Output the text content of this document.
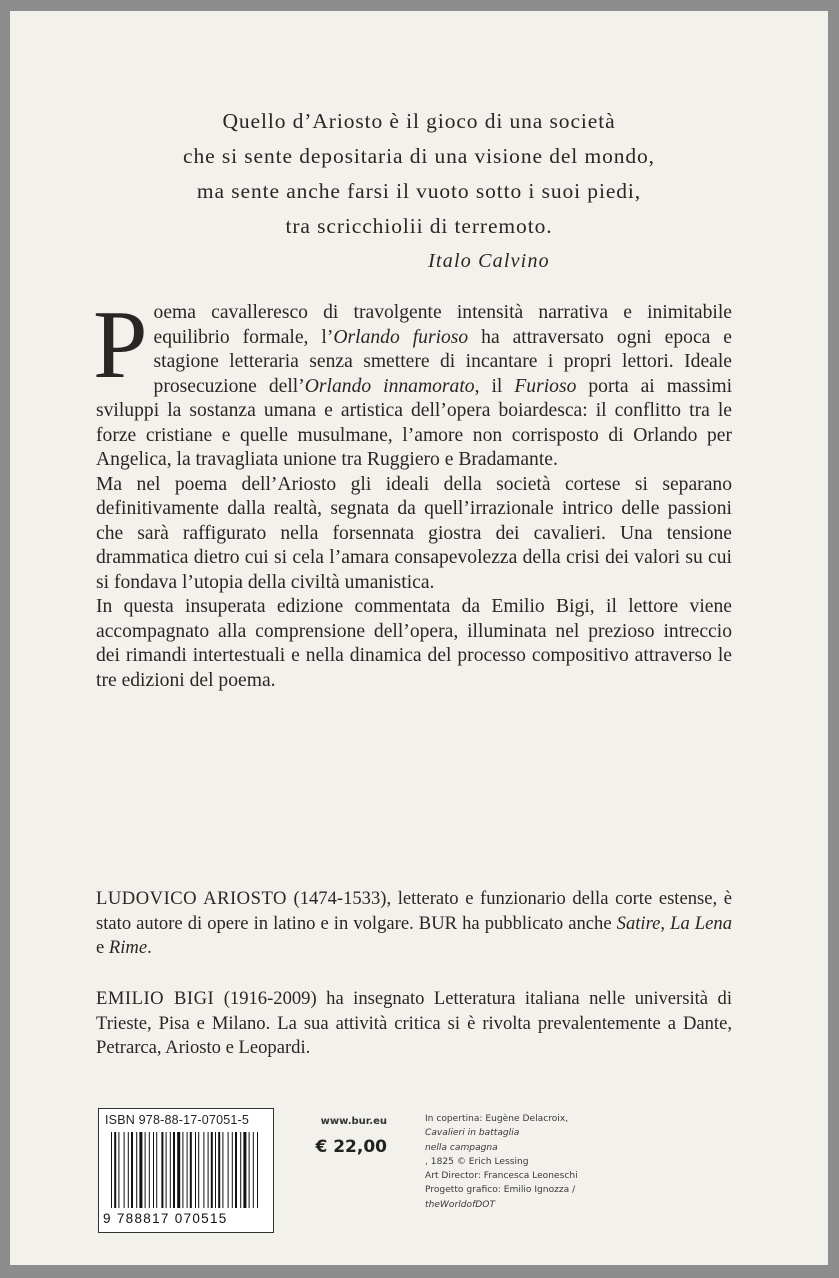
Quello d’Ariosto è il gioco di una società
che si sente depositaria di una visione del mondo,
ma sente anche farsi il vuoto sotto i suoi piedi,
tra scricchiolii di terremoto.
Italo Calvino

Poema cavalleresco di travolgente intensità narrativa e inimitabile equilibrio formale, l’Orlando furioso ha attraversato ogni epoca e stagione letteraria senza smettere di incantare i propri lettori. Ideale prosecuzione dell’Orlando innamorato, il Furioso porta ai massimi sviluppi la sostanza umana e artistica dell’opera boiardesca: il conflitto tra le forze cristiane e quelle musulmane, l’amore non corrisposto di Orlando per Angelica, la travagliata unione tra Ruggiero e Bradamante.

Ma nel poema dell’Ariosto gli ideali della società cortese si separano definitivamente dalla realtà, segnata da quell’irrazionale intrico delle passioni che sarà raffigurato nella forsennata giostra dei cavalieri. Una tensione drammatica dietro cui si cela l’amara consapevolezza della crisi dei valori su cui si fondava l’utopia della civiltà umanistica.

In questa insuperata edizione commentata da Emilio Bigi, il lettore viene accompagnato alla comprensione dell’opera, illuminata nel prezioso intreccio dei rimandi intertestuali e nella dinamica del processo compositivo attraverso le tre edizioni del poema.

LUDOVICO ARIOSTO (1474-1533), letterato e funzionario della corte estense, è stato autore di opere in latino e in volgare. BUR ha pubblicato anche Satire, La Lena e Rime.

EMILIO BIGI (1916-2009) ha insegnato Letteratura italiana nelle università di Trieste, Pisa e Milano. La sua attività critica si è rivolta prevalentemente a Dante, Petrarca, Ariosto e Leopardi.

ISBN 978-88-17-07051-5
9 788817 070515
www.bur.eu
€ 22,00
In copertina: Eugène Delacroix,
Cavalieri in battaglia
nella campagna
, 1825 © Erich Lessing
Art Director: Francesca Leoneschi
Progetto grafico: Emilio Ignozza /
theWorldofDOT
